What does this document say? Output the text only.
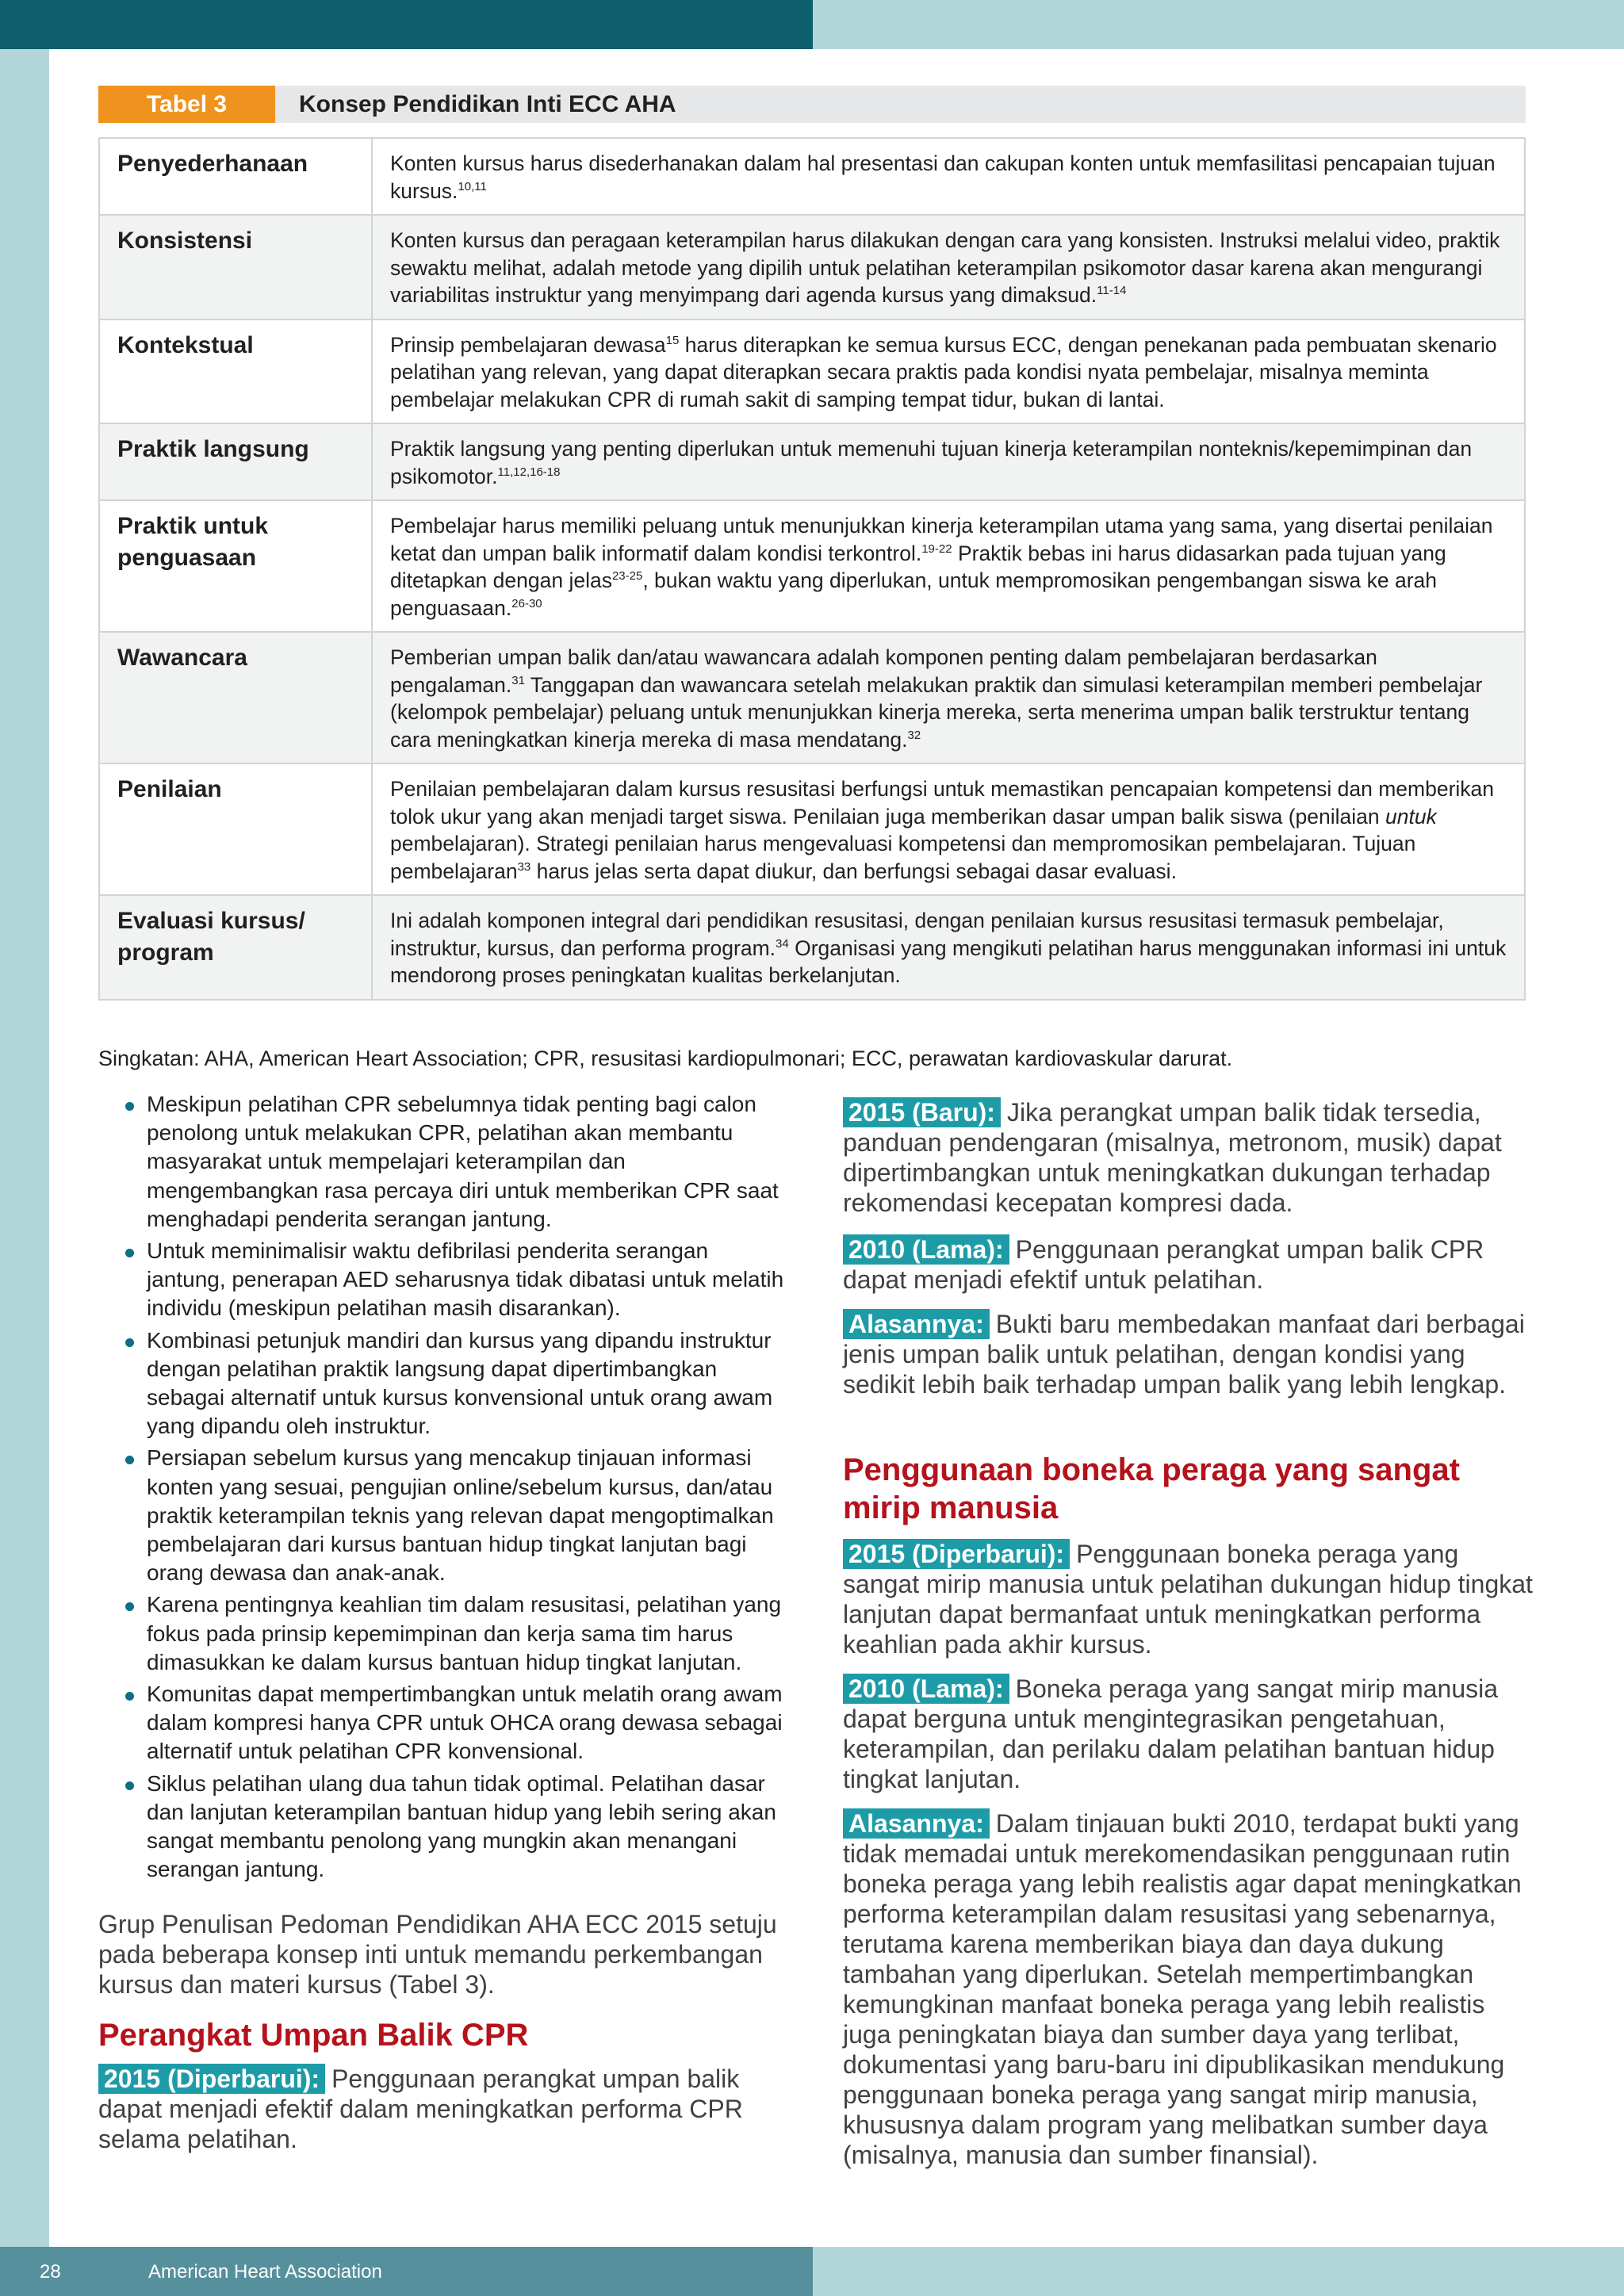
Tabel 3	Konsep Pendidikan Inti ECC AHA
Penyederhanaan	Konten kursus harus disederhanakan dalam hal presentasi dan cakupan konten untuk memfasilitasi pencapaian tujuan kursus.$^{10,11}$
Konsistensi	Konten kursus dan peragaan keterampilan harus dilakukan dengan cara yang konsisten. Instruksi melalui video, praktik sewaktu melihat, adalah metode yang dipilih untuk pelatihan keterampilan psikomotor dasar karena akan mengurangi variabilitas instruktur yang menyimpang dari agenda kursus yang dimaksud.$^{11-14}$
Kontekstual	Prinsip pembelajaran dewasa$^{15}$ harus diterapkan ke semua kursus ECC, dengan penekanan pada pembuatan skenario pelatihan yang relevan, yang dapat diterapkan secara praktis pada kondisi nyata pembelajar, misalnya meminta pembelajar melakukan CPR di rumah sakit di samping tempat tidur, bukan di lantai.
Praktik langsung	Praktik langsung yang penting diperlukan untuk memenuhi tujuan kinerja keterampilan nonteknis/kepemimpinan dan psikomotor.$^{11,12,16-18}$
Praktik untuk penguasaan	Pembelajar harus memiliki peluang untuk menunjukkan kinerja keterampilan utama yang sama, yang disertai penilaian ketat dan umpan balik informatif dalam kondisi terkontrol.$^{19-22}$ Praktik bebas ini harus didasarkan pada tujuan yang ditetapkan dengan jelas$^{23-25}$, bukan waktu yang diperlukan, untuk mempromosikan pengembangan siswa ke arah penguasaan.$^{26-30}$
Wawancara	Pemberian umpan balik dan/atau wawancara adalah komponen penting dalam pembelajaran berdasarkan pengalaman.$^{31}$ Tanggapan dan wawancara setelah melakukan praktik dan simulasi keterampilan memberi pembelajar (kelompok pembelajar) peluang untuk menunjukkan kinerja mereka, serta menerima umpan balik terstruktur tentang cara meningkatkan kinerja mereka di masa mendatang.$^{32}$
Penilaian	Penilaian pembelajaran dalam kursus resusitasi berfungsi untuk memastikan pencapaian kompetensi dan memberikan tolok ukur yang akan menjadi target siswa. Penilaian juga memberikan dasar umpan balik siswa (penilaian untuk pembelajaran). Strategi penilaian harus mengevaluasi kompetensi dan mempromosikan pembelajaran. Tujuan pembelajaran$^{33}$ harus jelas serta dapat diukur, dan berfungsi sebagai dasar evaluasi.
Evaluasi kursus/ program	Ini adalah komponen integral dari pendidikan resusitasi, dengan penilaian kursus resusitasi termasuk pembelajar, instruktur, kursus, dan performa program.$^{34}$ Organisasi yang mengikuti pelatihan harus menggunakan informasi ini untuk mendorong proses peningkatan kualitas berkelanjutan.
Singkatan: AHA, American Heart Association; CPR, resusitasi kardiopulmonari; ECC, perawatan kardiovaskular darurat.
Meskipun pelatihan CPR sebelumnya tidak penting bagi calon penolong untuk melakukan CPR, pelatihan akan membantu masyarakat untuk mempelajari keterampilan dan mengembangkan rasa percaya diri untuk memberikan CPR saat menghadapi penderita serangan jantung.
Untuk meminimalisir waktu defibrilasi penderita serangan jantung, penerapan AED seharusnya tidak dibatasi untuk melatih individu (meskipun pelatihan masih disarankan).
Kombinasi petunjuk mandiri dan kursus yang dipandu instruktur dengan pelatihan praktik langsung dapat dipertimbangkan sebagai alternatif untuk kursus konvensional untuk orang awam yang dipandu oleh instruktur.
Persiapan sebelum kursus yang mencakup tinjauan informasi konten yang sesuai, pengujian online/sebelum kursus, dan/atau praktik keterampilan teknis yang relevan dapat mengoptimalkan pembelajaran dari kursus bantuan hidup tingkat lanjutan bagi orang dewasa dan anak-anak.
Karena pentingnya keahlian tim dalam resusitasi, pelatihan yang fokus pada prinsip kepemimpinan dan kerja sama tim harus dimasukkan ke dalam kursus bantuan hidup tingkat lanjutan.
Komunitas dapat mempertimbangkan untuk melatih orang awam dalam kompresi hanya CPR untuk OHCA orang dewasa sebagai alternatif untuk pelatihan CPR konvensional.
Siklus pelatihan ulang dua tahun tidak optimal. Pelatihan dasar dan lanjutan keterampilan bantuan hidup yang lebih sering akan sangat membantu penolong yang mungkin akan menangani serangan jantung.
Grup Penulisan Pedoman Pendidikan AHA ECC 2015 setuju pada beberapa konsep inti untuk memandu perkembangan kursus dan materi kursus (Tabel 3).
Perangkat Umpan Balik CPR
2015 (Diperbarui): Penggunaan perangkat umpan balik dapat menjadi efektif dalam meningkatkan performa CPR selama pelatihan.
2015 (Baru): Jika perangkat umpan balik tidak tersedia, panduan pendengaran (misalnya, metronom, musik) dapat dipertimbangkan untuk meningkatkan dukungan terhadap rekomendasi kecepatan kompresi dada.
2010 (Lama): Penggunaan perangkat umpan balik CPR dapat menjadi efektif untuk pelatihan.
Alasannya: Bukti baru membedakan manfaat dari berbagai jenis umpan balik untuk pelatihan, dengan kondisi yang sedikit lebih baik terhadap umpan balik yang lebih lengkap.
Penggunaan boneka peraga yang sangat mirip manusia
2015 (Diperbarui): Penggunaan boneka peraga yang sangat mirip manusia untuk pelatihan dukungan hidup tingkat lanjutan dapat bermanfaat untuk meningkatkan performa keahlian pada akhir kursus.
2010 (Lama): Boneka peraga yang sangat mirip manusia dapat berguna untuk mengintegrasikan pengetahuan, keterampilan, dan perilaku dalam pelatihan bantuan hidup tingkat lanjutan.
Alasannya: Dalam tinjauan bukti 2010, terdapat bukti yang tidak memadai untuk merekomendasikan penggunaan rutin boneka peraga yang lebih realistis agar dapat meningkatkan performa keterampilan dalam resusitasi yang sebenarnya, terutama karena memberikan biaya dan daya dukung tambahan yang diperlukan. Setelah mempertimbangkan kemungkinan manfaat boneka peraga yang lebih realistis juga peningkatan biaya dan sumber daya yang terlibat, dokumentasi yang baru-baru ini dipublikasikan mendukung penggunaan boneka peraga yang sangat mirip manusia, khususnya dalam program yang melibatkan sumber daya (misalnya, manusia dan sumber finansial).
28	American Heart Association
